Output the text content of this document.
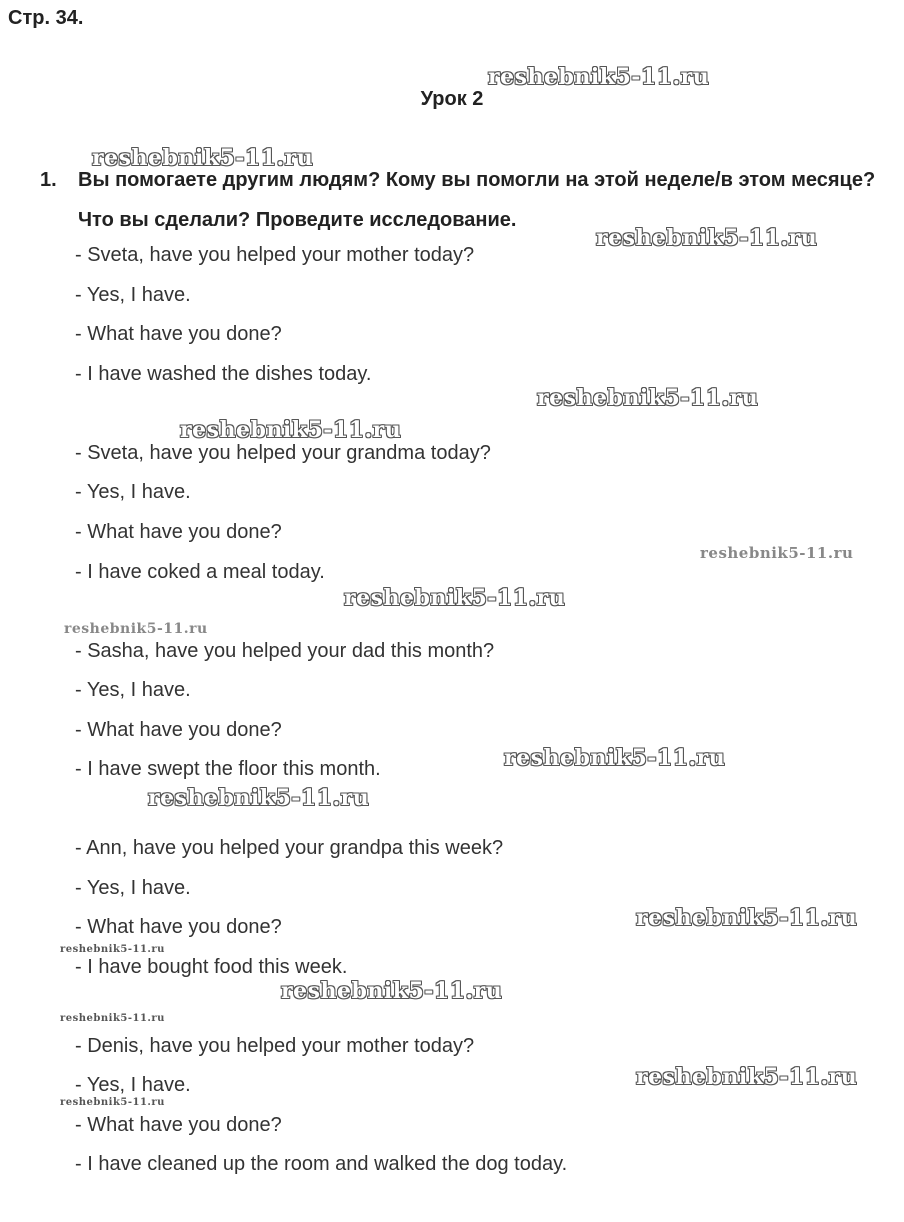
Стр. 34.
Урок 2
1. Вы помогаете другим людям? Кому вы помогли на этой неделе/в этом месяце? Что вы сделали? Проведите исследование.
- Sveta, have you helped your mother today?
- Yes, I have.
- What have you done?
- I have washed the dishes today.
- Sveta, have you helped your grandma today?
- Yes, I have.
- What have you done?
- I have coked a meal today.
- Sasha, have you helped your dad this month?
- Yes, I have.
- What have you done?
- I have swept the floor this month.
- Ann, have you helped your grandpa this week?
- Yes, I have.
- What have you done?
- I have bought food this week.
- Denis, have you helped your mother today?
- Yes, I have.
- What have you done?
- I have cleaned up the room and walked the dog today.
reshebnik5-11.ru
reshebnik5-11.ru
reshebnik5-11.ru
reshebnik5-11.ru
reshebnik5-11.ru
reshebnik5-11.ru
reshebnik5-11.ru
reshebnik5-11.ru
reshebnik5-11.ru
reshebnik5-11.ru
reshebnik5-11.ru
reshebnik5-11.ru
reshebnik5-11.ru
reshebnik5-11.ru
reshebnik5-11.ru
reshebnik5-11.ru
